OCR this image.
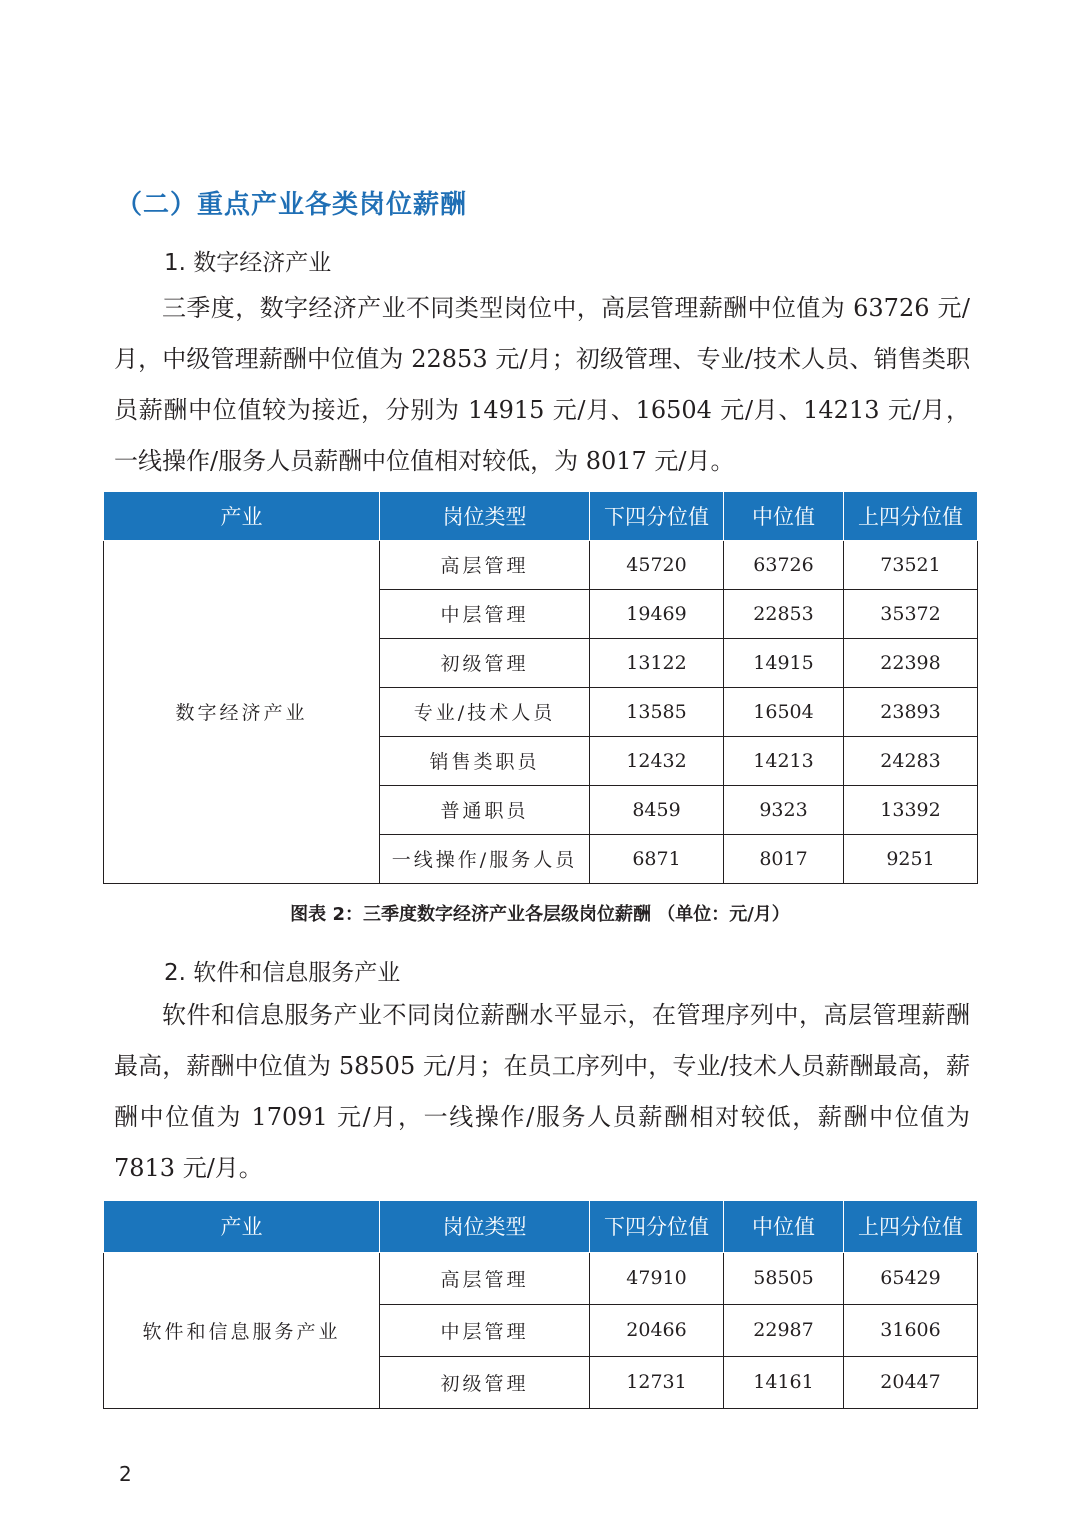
（二）重点产业各类岗位薪酬
1. 数字经济产业

三季度，数字经济产业不同类型岗位中，高层管理薪酬中位值为 63726 元/月，中级管理薪酬中位值为 22853 元/月；初级管理、专业/技术人员、销售类职员薪酬中位值较为接近，分别为 14915 元/月、16504 元/月、14213 元/月，一线操作/服务人员薪酬中位值相对较低，为 8017 元/月。

产业	岗位类型	下四分位值	中位值	上四分位值
数字经济产业	高层管理	45720	63726	73521
	中层管理	19469	22853	35372
	初级管理	13122	14915	22398
	专业/技术人员	13585	16504	23893
	销售类职员	12432	14213	24283
	普通职员	8459	9323	13392
	一线操作/服务人员	6871	8017	9251
图表 2：三季度数字经济产业各层级岗位薪酬 （单位：元/月）
2. 软件和信息服务产业

软件和信息服务产业不同岗位薪酬水平显示，在管理序列中，高层管理薪酬最高，薪酬中位值为 58505 元/月；在员工序列中，专业/技术人员薪酬最高，薪酬中位值为 17091 元/月，一线操作/服务人员薪酬相对较低，薪酬中位值为 7813 元/月。

产业	岗位类型	下四分位值	中位值	上四分位值
软件和信息服务产业	高层管理	47910	58505	65429
	中层管理	20466	22987	31606
	初级管理	12731	14161	20447
2
